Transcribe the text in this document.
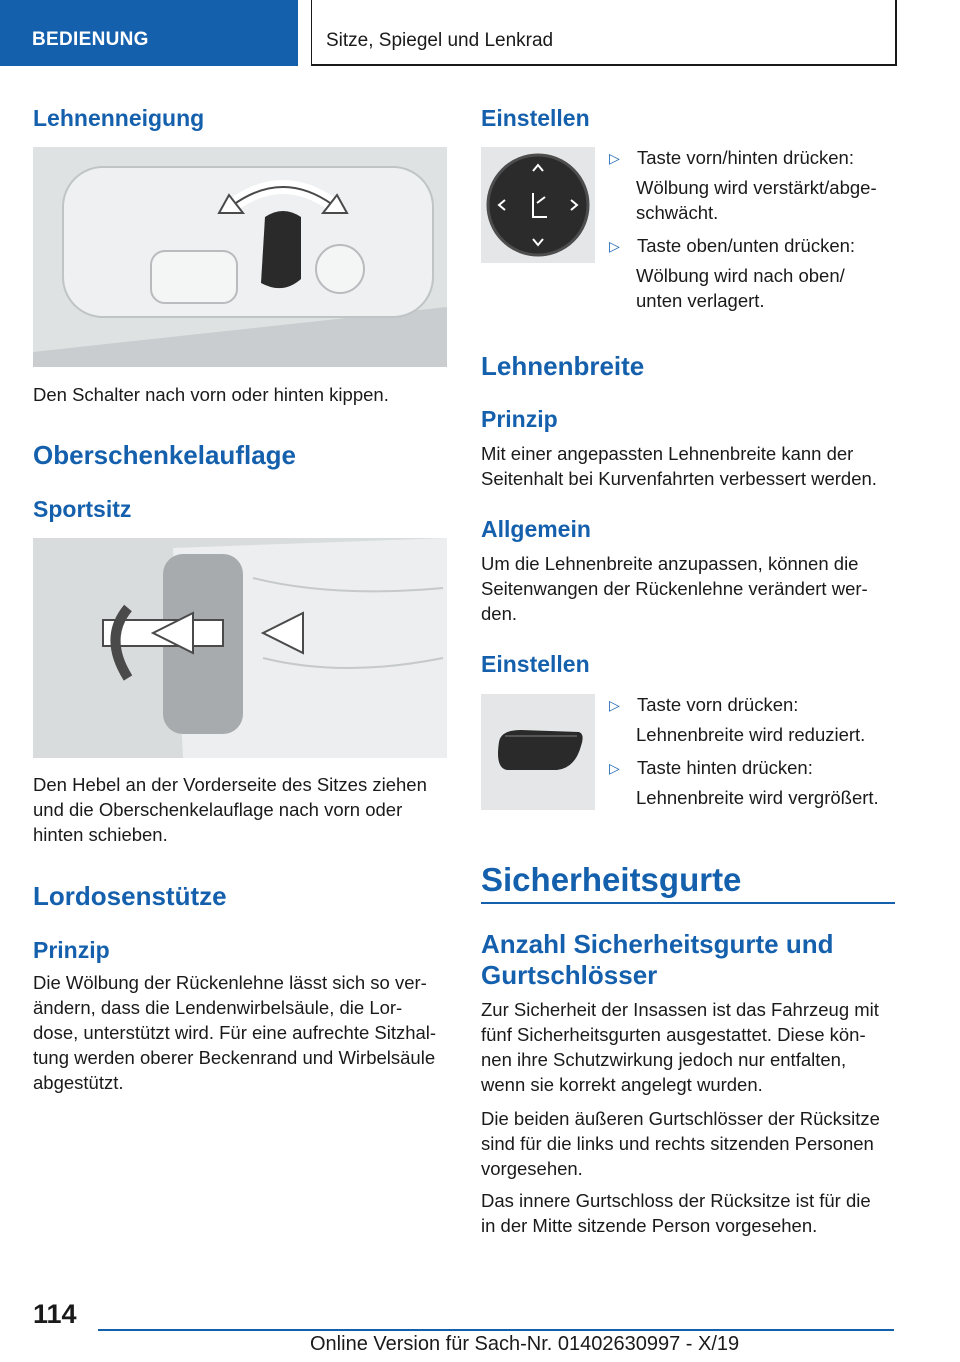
BEDIENUNG	Sitze, Spiegel und Lenkrad
Lehnenneigung
Den Schalter nach vorn oder hinten kippen.
Oberschenkelauflage
Sportsitz
Den Hebel an der Vorderseite des Sitzes ziehen
und die Oberschenkelauflage nach vorn oder
hinten schieben.
Lordosenstütze
Prinzip
Die Wölbung der Rückenlehne lässt sich so ver‐
ändern, dass die Lendenwirbelsäule, die Lor‐
dose, unterstützt wird. Für eine aufrechte Sitzhal‐
tung werden oberer Beckenrand und Wirbelsäule
abgestützt.
Einstellen
▷ Taste vorn/hinten drücken:
Wölbung wird verstärkt/abge‐
schwächt.
▷ Taste oben/unten drücken:
Wölbung wird nach oben/
unten verlagert.
Lehnenbreite
Prinzip
Mit einer angepassten Lehnenbreite kann der
Seitenhalt bei Kurvenfahrten verbessert werden.
Allgemein
Um die Lehnenbreite anzupassen, können die
Seitenwangen der Rückenlehne verändert wer‐
den.
Einstellen
▷ Taste vorn drücken:
Lehnenbreite wird reduziert.
▷ Taste hinten drücken:
Lehnenbreite wird vergrößert.
Sicherheitsgurte
Anzahl Sicherheitsgurte und
Gurtschlösser
Zur Sicherheit der Insassen ist das Fahrzeug mit
fünf Sicherheitsgurten ausgestattet. Diese kön‐
nen ihre Schutzwirkung jedoch nur entfalten,
wenn sie korrekt angelegt wurden.
Die beiden äußeren Gurtschlösser der Rücksitze
sind für die links und rechts sitzenden Personen
vorgesehen.
Das innere Gurtschloss der Rücksitze ist für die
in der Mitte sitzende Person vorgesehen.
114
Online Version für Sach-Nr. 01402630997 - X/19
